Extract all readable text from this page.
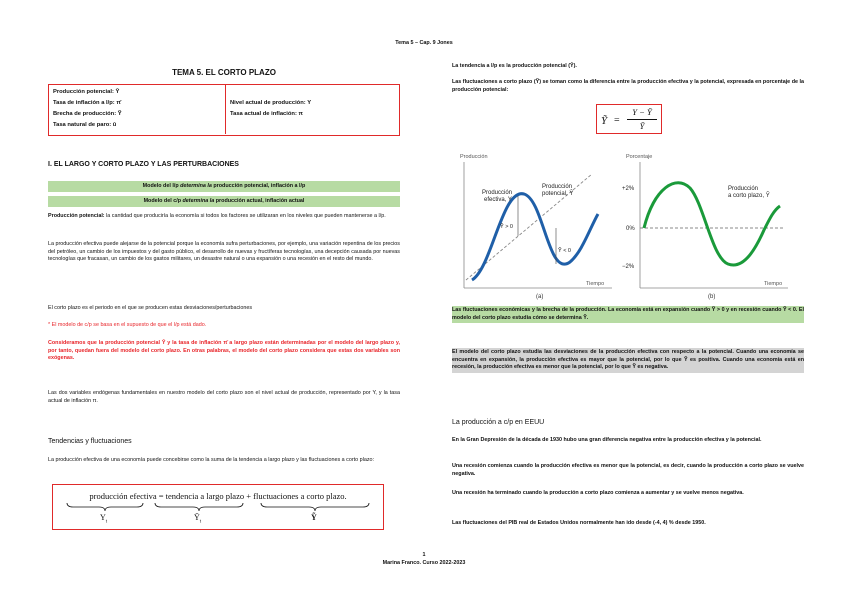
Tema 5 – Cap. 9 Jones
TEMA 5. EL CORTO PLAZO
Producción potencial: Ȳ
Tasa de inflación a l/p: π̄
Brecha de producción: Ỹ
Tasa natural de paro: ū
Nivel actual de producción: Y
Tasa actual de inflación: π
I. EL LARGO Y CORTO PLAZO Y LAS PERTURBACIONES
Modelo del l/p determina la producción potencial, inflación a l/p
Modelo del c/p determina la producción actual, inflación actual
Producción potencial: la cantidad que produciría la economía si todos los factores se utilizaran en los niveles que pueden mantenerse a l/p.
La producción efectiva puede alejarse de la potencial porque la economía sufra perturbaciones, por ejemplo, una variación repentina de los precios del petróleo, un cambio de los impuestos y del gasto público, el desarrollo de nuevas y fructíferas tecnologías, una decepción causada por nuevas tecnologías que fracasan, un cambio de los gastos militares, un desastre natural o una expansión o una recesión en el resto del mundo.
El corto plazo es el periodo en el que se producen estas desviaciones/perturbaciones
* El modelo de c/p se basa en el supuesto de que el l/p está dado.
Consideramos que la producción potencial Ȳ y la tasa de inflación π̄ a largo plazo están determinadas por el modelo del largo plazo y, por tanto, quedan fuera del modelo del corto plazo. En otras palabras, el modelo del corto plazo considera que estas dos variables son exógenas.
Las dos variables endógenas fundamentales en nuestro modelo del corto plazo son el nivel actual de producción, representado por Y, y la tasa actual de inflación π.
Tendencias y fluctuaciones
La producción efectiva de una economía puede concebirse como la suma de la tendencia a largo plazo y las fluctuaciones a corto plazo:
producción efectiva = tendencia a largo plazo + fluctuaciones a corto plazo.
$Y_t$
$Ȳ_t$
Ỹ
La tendencia a l/p es la producción potencial (Ȳ).
Las fluctuaciones a corto plazo (Ỹ) se toman como la diferencia entre la producción efectiva y la potencial, expresada en porcentaje de la producción potencial:
Ỹ =
Y − Ȳ
Ȳ
Producción
Producción
efectiva, Y
Producción
potencial, Ȳ
Ỹ > 0
Ỹ < 0
Tiempo
(a)
Porcentaje
+2%
0%
−2%
Producción
a corto plazo, Ỹ
Tiempo
(b)
Las fluctuaciones económicas y la brecha de la producción. La economía está en expansión cuando Ỹ > 0 y en recesión cuando Ỹ < 0. El modelo del corto plazo estudia cómo se determina Ỹ.
El modelo del corto plazo estudia las desviaciones de la producción efectiva con respecto a la potencial. Cuando una economía se encuentra en expansión, la producción efectiva es mayor que la potencial, por lo que Ỹ es positiva. Cuando una economía está en recesión, la producción efectiva es menor que la potencial, por lo que Ỹ es negativa.
La producción a c/p en EEUU
En la Gran Depresión de la década de 1930 hubo una gran diferencia negativa entre la producción efectiva y la potencial.
Una recesión comienza cuando la producción efectiva es menor que la potencial, es decir, cuando la producción a corto plazo se vuelve negativa.
Una recesión ha terminado cuando la producción a corto plazo comienza a aumentar y se vuelve menos negativa.
Las fluctuaciones del PIB real de Estados Unidos normalmente han ido desde (-4, 4) % desde 1950.
1
Marina Franco. Curso 2022-2023
